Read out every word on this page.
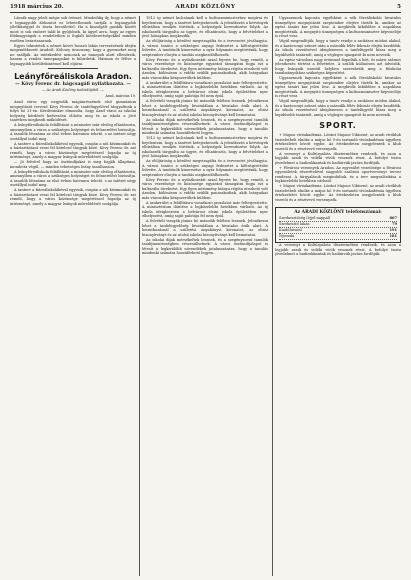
1918 március 20.	ARADI KÖZLÖNY	5

Lássák nagy jelzői mégis sok örömet. Mindeddig ily, hogy a német e legnagyobb áldozatot ez lehetetlennek tartják a legnagyobb jólelkűséggel és tiszta becsülettel. Ha a kiszolgált gazdák között most is sok embert talál ki gyűjtőnek, ki ügyel arra, hogy az egyes földnagyságok a rendeletben is foglalt kötelezettségekkel minden esetben betartassanak.

Egyes tekintetek a német követ hosszú lakás tervezésének idején megemlékezett Aradról: Kölcsey úrasszony, hogy a gyermeket meg ne szállják. Az intézkedést nemcsak az ünnepek alatt ellenőrzik, hanem a rendes ünnepnapokat is kihirdetik. Hárman és féltve a legnagyobb körültekintéssel kell eljárni.

Leányfőreáliskola Aradon.
— Kövy Ferenc dr. hágcsagáfi nyilatkozata. —
— Az Aradi Közlöny tudósítójától. —
Arad, március 19.

Arad város egy negyedik magánrészének első gimnázium megnyitását tervező Kövy Ferenc dr. tanfelügyelővel tárgyaltunk a folyó hó 21-én. Kérdésünkre elmondta, hogy Arad város az iskolai helyiség kérdését kedvezően oldotta meg és az iskola a jövő tanévben megkezdi működését.

A leányfőreáliskola felállítását a miniszter már elvileg elhatározta, amennyiben a város a szükséges helyiséget és felszerelést biztosítja. A tanulók létszáma az első évben hatvanra tehető, s az intézet négy osztállyal indul meg.

A tanterv a fiúreáliskolákéval egyezik, csupán a női kézimunkát és a háztartástant veszi fel kötelező tárgyak közé. Kövy Ferenc dr. azt reméli, hogy a város közönsége megértéssel fogadja az új intézményt, amely a magyar leányok művelődését szolgálja.

— Jó felvétel hogy az ösztöndíjakat is meg fogják állapítani, mondotta végül, — minden tehetséges leány tanulhasson.

A leányfőreáliskola felállítását a miniszter már elvileg elhatározta, amennyiben a város a szükséges helyiséget és felszerelést biztosítja. A tanulók létszáma az első évben hatvanra tehető, s az intézet négy osztállyal indul meg.

A tanterv a fiúreáliskolákéval egyezik, csupán a női kézimunkát és a háztartástant veszi fel kötelező tárgyak közé. Kövy Ferenc dr. azt reméli, hogy a város közönsége megértéssel fogadja az új intézményt, amely a magyar leányok művelődését szolgálja.

1912 ig német kulcsának kell a kultuszminiszterhez megírni és bejelenteni, hogy a tanévet befejezhessék. A jelentkezés a kérvények elbírálása rendjén történik, a helyiségek berendezése folyik. Az iskolaszék tárgyalta az ügyet, és elhatározta, hogy a felvételeket a jövő hónapban megkezdik.

Az elöljáróság a kérdést megvizsgálta és a tervezetet jóváhagyta. A városi tanács a szükséges anyagi fedezetet a költségvetésbe felvette. A tanítónők kinevezése a nyár folyamán megtörténik, hogy szeptember elsején a tanítás megkezdődhessék.

Kövy Ferenc dr. a nyilatkozatát azzal fejezte be, hogy reméli, a város vezetősége és közönsége egyaránt támogatni fogja ezt a kulturális törekvést. Egy ilyen intézmény hiánya régóta érezhető volt Aradon, különösen a vidéki szülők panaszkodtak, akik leányaikat más városokba kényszerültek küldeni.

A tankerület a felállításra vonatkozó javaslatot már felterjesztette. A minisztérium döntése a legközelebbi hetekben várható. Az új iskola ideiglenesen a belvárosi elemi iskola épületében nyer elhelyezést, amíg saját palotája fel nem épül.

A felvételi vizsgák június hó második felében lesznek. Jelentkezni lehet a tanfelügyelőség hivatalában a hivatalos órák alatt. A beiratkozásnál a születési anyakönyvi kivonatot, az oltási bizonyítványt és az utolsó iskolai bizonyítványt kell bemutatni.

Az iskolai díjak mérsékeltek lesznek, és a szegénysorsú tanulók tandíjmentességben részesülhetnek. A város ösztöndíjalapot is létesít a legkiválóbb növendékek jutalmazására, hogy a tanulás mindenki számára hozzáférhető legyen.

1912 ig német kulcsának kell a kultuszminiszterhez megírni és bejelenteni, hogy a tanévet befejezhessék. A jelentkezés a kérvények elbírálása rendjén történik, a helyiségek berendezése folyik. Az iskolaszék tárgyalta az ügyet, és elhatározta, hogy a felvételeket a jövő hónapban megkezdik.

Az elöljáróság a kérdést megvizsgálta és a tervezetet jóváhagyta. A városi tanács a szükséges anyagi fedezetet a költségvetésbe felvette. A tanítónők kinevezése a nyár folyamán megtörténik, hogy szeptember elsején a tanítás megkezdődhessék.

Kövy Ferenc dr. a nyilatkozatát azzal fejezte be, hogy reméli, a város vezetősége és közönsége egyaránt támogatni fogja ezt a kulturális törekvést. Egy ilyen intézmény hiánya régóta érezhető volt Aradon, különösen a vidéki szülők panaszkodtak, akik leányaikat más városokba kényszerültek küldeni.

A tankerület a felállításra vonatkozó javaslatot már felterjesztette. A minisztérium döntése a legközelebbi hetekben várható. Az új iskola ideiglenesen a belvárosi elemi iskola épületében nyer elhelyezést, amíg saját palotája fel nem épül.

A felvételi vizsgák június hó második felében lesznek. Jelentkezni lehet a tanfelügyelőség hivatalában a hivatalos órák alatt. A beiratkozásnál a születési anyakönyvi kivonatot, az oltási bizonyítványt és az utolsó iskolai bizonyítványt kell bemutatni.

Az iskolai díjak mérsékeltek lesznek, és a szegénysorsú tanulók tandíjmentességben részesülhetnek. A város ösztöndíjalapot is létesít a legkiválóbb növendékek jutalmazására, hogy a tanulás mindenki számára hozzáférhető legyen.

Ugyanennek kapcsán egyébként a nők főreáliskolái hivatalos ünnepélyes megnyitását szeptember elejére tűzték ki, amikor az egész tanári kar jelen lesz. A meghívók kiküldése a napokban megtörténik. A megnyitó ünnepségen a kultuszminiszter képviselője is részt vesz.

Végül megemlítjük, hogy a tanév rendje a szokásos módon alakul, és a karácsonyi szünet után a második félév február elején kezdődik. Az iskola vezetésével ideiglenesen a tanfelügyelő bízza meg a legidősebb tanárnőt, amíg a végleges igazgatót ki nem nevezik.

Az egész városban nagy örömmel fogadták a hírt, és máris számos jelentkezés történt a felvételre. A szülők különösen azt üdvözlik, hogy leányaik ezentúl helyben szerezhetik meg a főiskolai tanulmányokhoz szükséges képesítést.

Ugyanennek kapcsán egyébként a nők főreáliskolái hivatalos ünnepélyes megnyitását szeptember elejére tűzték ki, amikor az egész tanári kar jelen lesz. A meghívók kiküldése a napokban megtörténik. A megnyitó ünnepségen a kultuszminiszter képviselője is részt vesz.

Végül megemlítjük, hogy a tanév rendje a szokásos módon alakul, és a karácsonyi szünet után a második félév február elején kezdődik. Az iskola vezetésével ideiglenesen a tanfelügyelő bízza meg a legidősebb tanárnőt, amíg a végleges igazgatót ki nem nevezik.

SPORT.

+ Majusi vívóakadémia. Lóránt Majone Viktorné, az aradi vívóklub tiszteletbeli elnöke a május hó 5-én tartandó vívóakadémia ügyében értekezletet hívott egybe. Az értekezleten megjelentek a klub vezetői és a résztvevő versenyzők.

A versenyt a Kultúrpalota dísztermében rendezik, és azon a legjobb aradi és vidéki vívók vesznek részt. A befolyó tiszta jövedelmet a hadirokkantak és hadiárvák javára fordítják.

+ Fővárosi versenyek Aradon. Az egyesület vezetősége a fővárosi egyesületek részvételével nagyobb szabású sportversenyt tervez rendezni. A tárgyalások megindultak, és a terv megvalósítása a legközelebbi hetekben várható.

+ Majusi vívóakadémia. Lóránt Majone Viktorné, az aradi vívóklub tiszteletbeli elnöke a május hó 5-én tartandó vívóakadémia ügyében értekezletet hívott egybe. Az értekezleten megjelentek a klub vezetői és a résztvevő versenyzők.

Az ARADI KÖZLÖNY telefonszámai:
Szerkesztőség (éjjel-nappal)	867
Szerkesztő lakás	79
Kiadóhivatal	191
Nyomda	181

A versenyt a Kultúrpalota dísztermében rendezik, és azon a legjobb aradi és vidéki vívók vesznek részt. A befolyó tiszta jövedelmet a hadirokkantak és hadiárvák javára fordítják.
